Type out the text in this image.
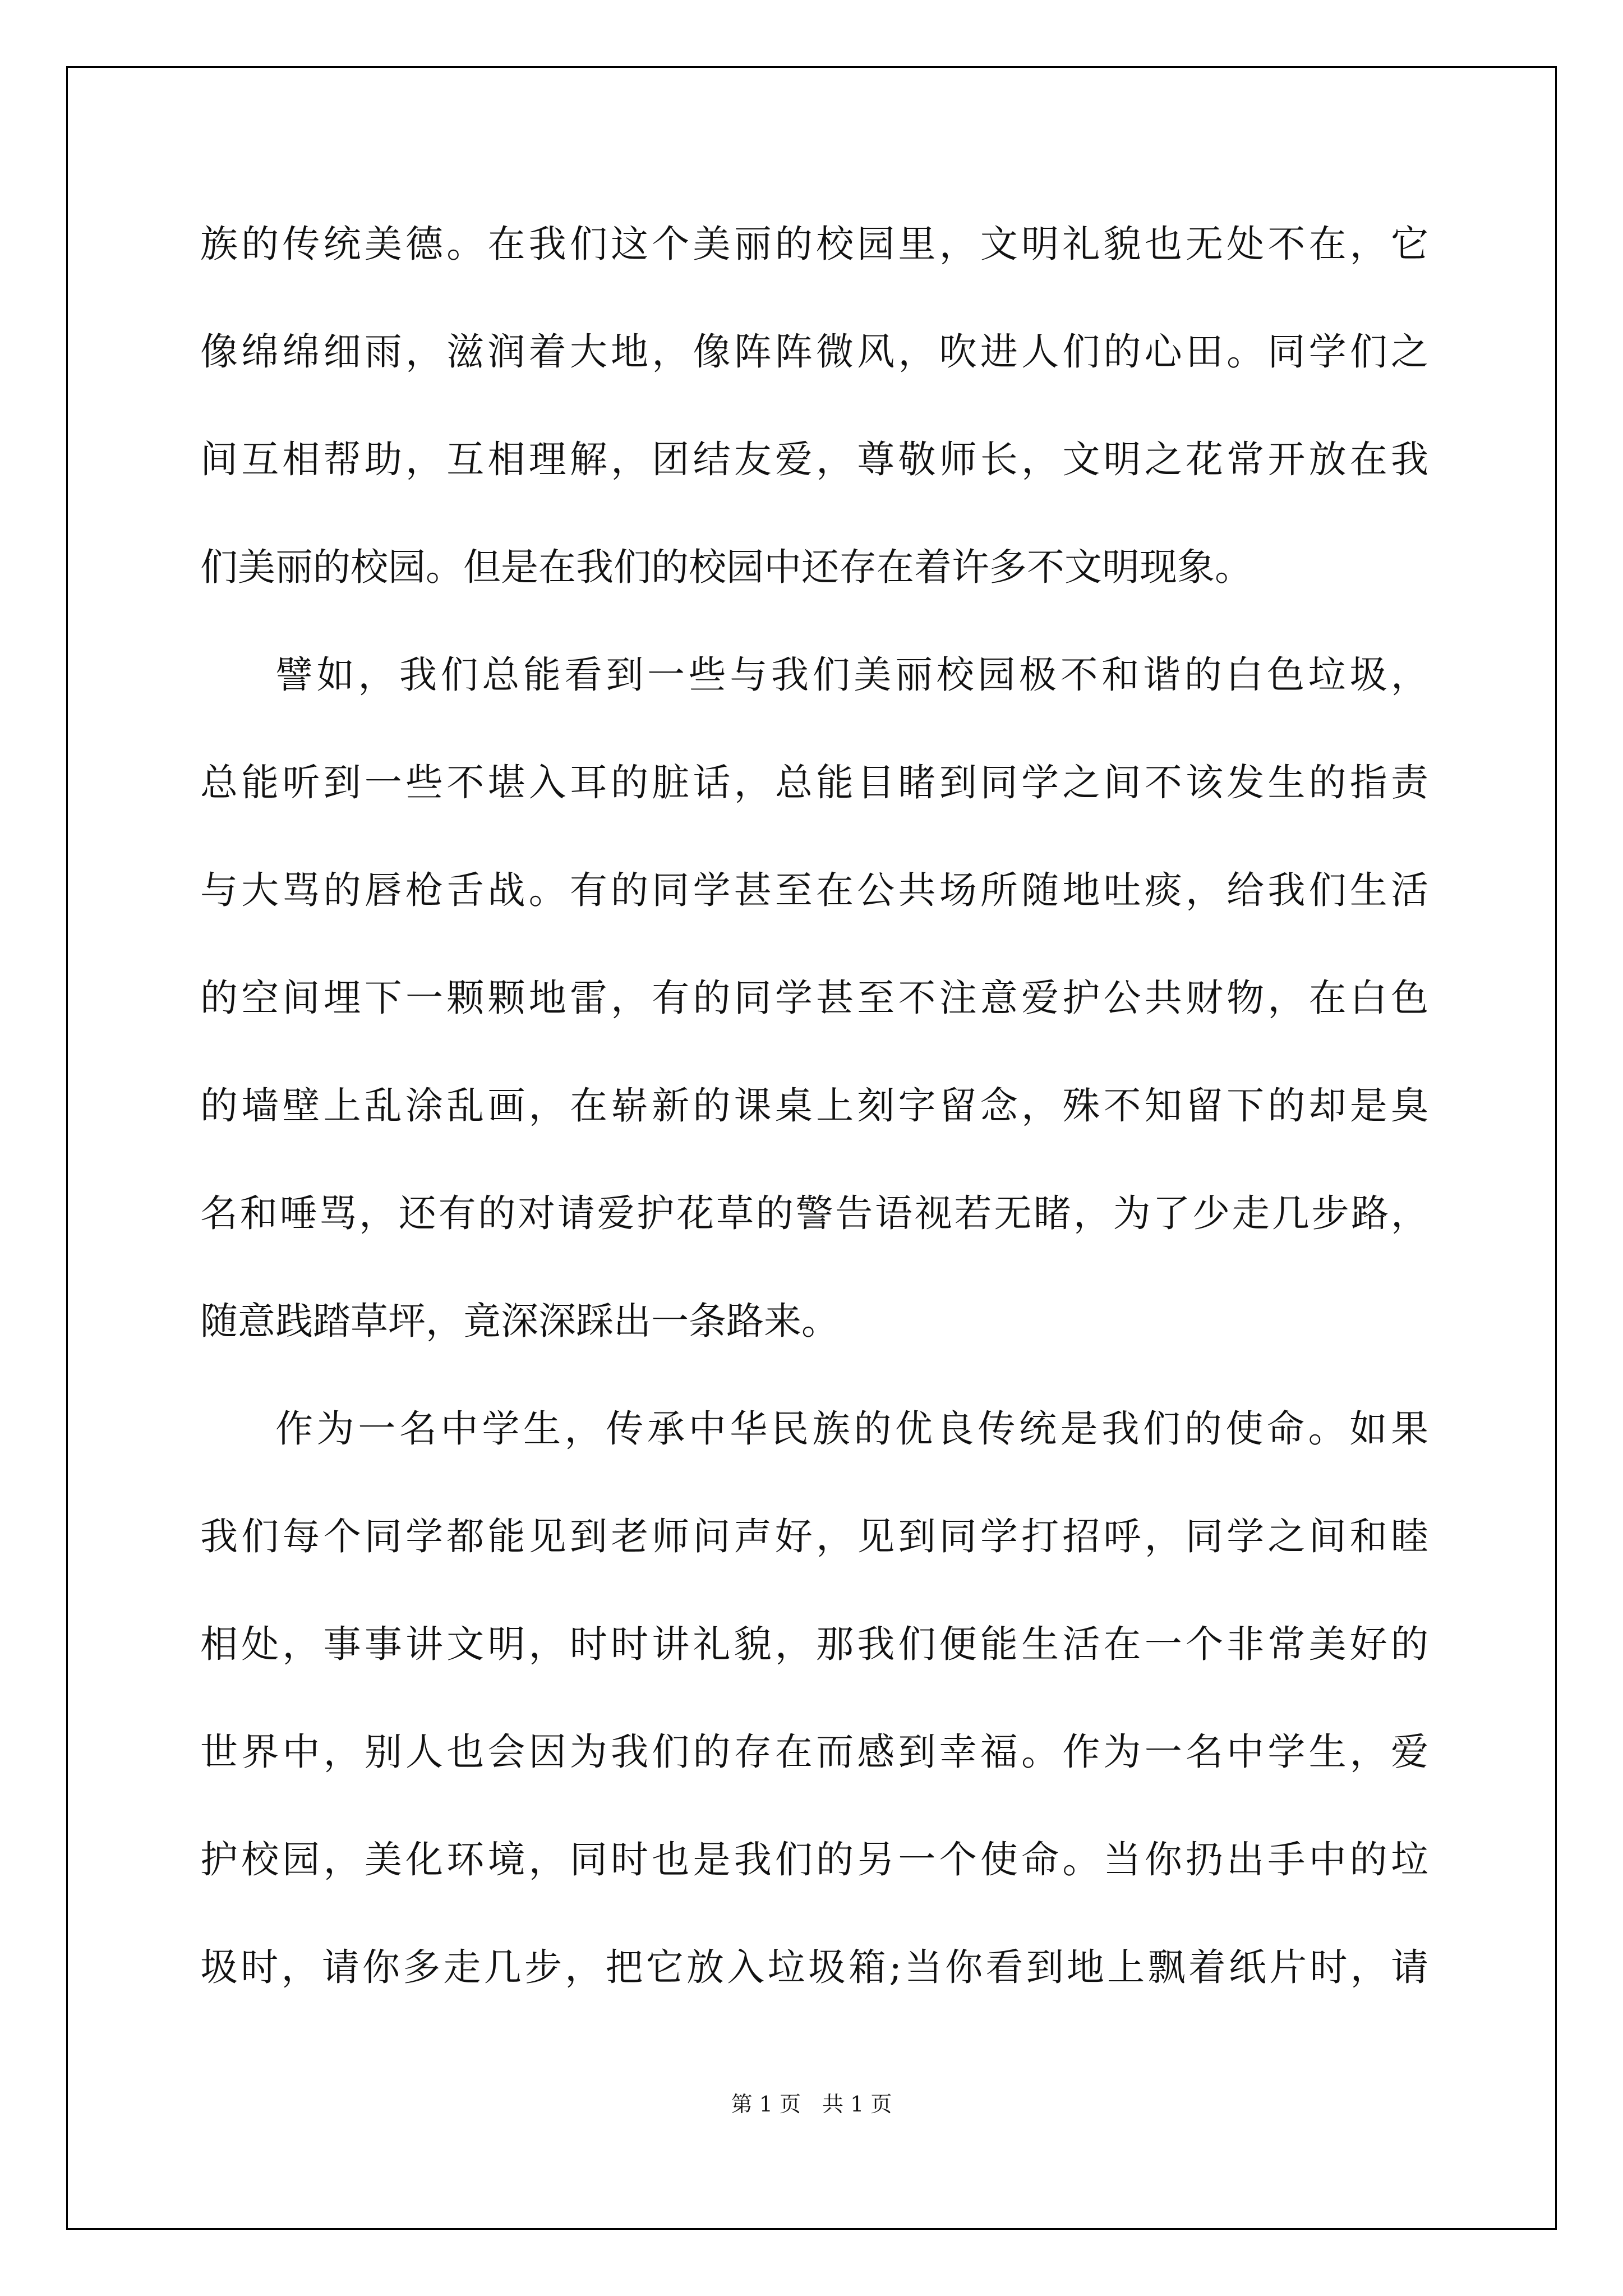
族的传统美德。在我们这个美丽的校园里，文明礼貌也无处不在，它
像绵绵细雨，滋润着大地，像阵阵微风，吹进人们的心田。同学们之
间互相帮助，互相理解，团结友爱，尊敬师长，文明之花常开放在我
们美丽的校园。但是在我们的校园中还存在着许多不文明现象。
譬如，我们总能看到一些与我们美丽校园极不和谐的白色垃圾，
总能听到一些不堪入耳的脏话，总能目睹到同学之间不该发生的指责
与大骂的唇枪舌战。有的同学甚至在公共场所随地吐痰，给我们生活
的空间埋下一颗颗地雷，有的同学甚至不注意爱护公共财物，在白色
的墙壁上乱涂乱画，在崭新的课桌上刻字留念，殊不知留下的却是臭
名和唾骂，还有的对请爱护花草的警告语视若无睹，为了少走几步路，
随意践踏草坪，竟深深踩出一条路来。
作为一名中学生，传承中华民族的优良传统是我们的使命。如果
我们每个同学都能见到老师问声好，见到同学打招呼，同学之间和睦
相处，事事讲文明，时时讲礼貌，那我们便能生活在一个非常美好的
世界中，别人也会因为我们的存在而感到幸福。作为一名中学生，爱
护校园，美化环境，同时也是我们的另一个使命。当你扔出手中的垃
圾时，请你多走几步，把它放入垃圾箱;当你看到地上飘着纸片时，请
第 1 页　共 1 页
